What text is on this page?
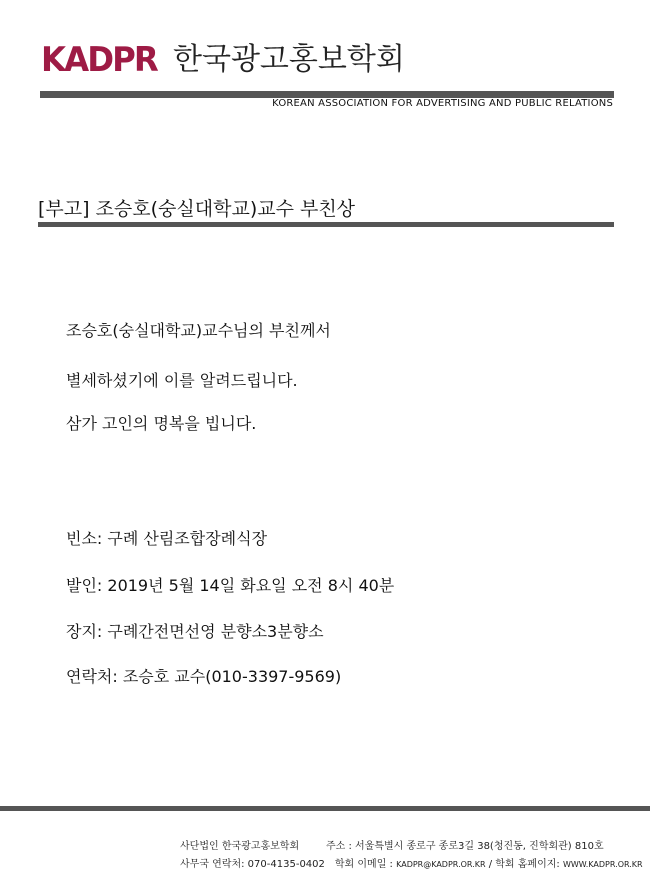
KADPR 한국광고홍보학회
KOREAN ASSOCIATION FOR ADVERTISING AND PUBLIC RELATIONS
[부고] 조승호(숭실대학교)교수 부친상
조승호(숭실대학교)교수님의 부친께서
별세하셨기에 이를 알려드립니다.
삼가 고인의 명복을 빕니다.
빈소: 구례 산림조합장례식장
발인: 2019년 5월 14일 화요일 오전 8시 40분
장지: 구례간전면선영 분향소3분향소
연락처: 조승호 교수(010-3397-9569)
사단법인 한국광고홍보학회	주소 : 서울특별시 종로구 종로3길 38(청진동, 진학회관) 810호
사무국 연락처: 070-4135-0402 학회 이메일 : KADPR@KADPR.OR.KR / 학회 홈페이지: WWW.KADPR.OR.KR
